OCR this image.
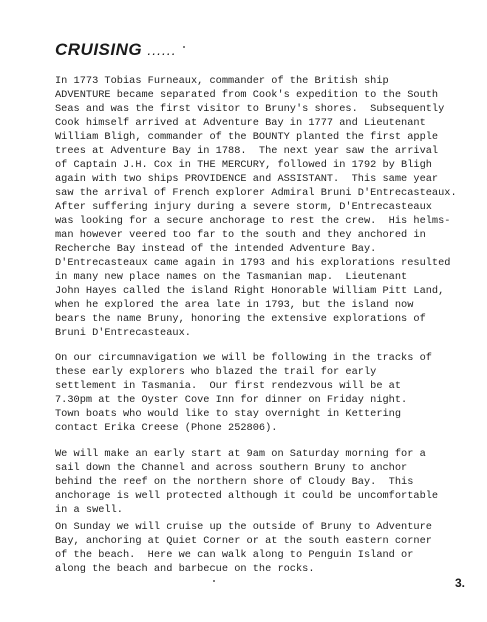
CRUISING ......
In 1773 Tobias Furneaux, commander of the British ship
ADVENTURE became separated from Cook's expedition to the South
Seas and was the first visitor to Bruny's shores.  Subsequently
Cook himself arrived at Adventure Bay in 1777 and Lieutenant
William Bligh, commander of the BOUNTY planted the first apple
trees at Adventure Bay in 1788.  The next year saw the arrival
of Captain J.H. Cox in THE MERCURY, followed in 1792 by Bligh
again with two ships PROVIDENCE and ASSISTANT.  This same year
saw the arrival of French explorer Admiral Bruni D'Entrecasteaux.
After suffering injury during a severe storm, D'Entrecasteaux
was looking for a secure anchorage to rest the crew.  His helms-
man however veered too far to the south and they anchored in
Recherche Bay instead of the intended Adventure Bay.
D'Entrecasteaux came again in 1793 and his explorations resulted
in many new place names on the Tasmanian map.  Lieutenant
John Hayes called the island Right Honorable William Pitt Land,
when he explored the area late in 1793, but the island now
bears the name Bruny, honoring the extensive explorations of
Bruni D'Entrecasteaux.
On our circumnavigation we will be following in the tracks of
these early explorers who blazed the trail for early
settlement in Tasmania.  Our first rendezvous will be at
7.30pm at the Oyster Cove Inn for dinner on Friday night.
Town boats who would like to stay overnight in Kettering
contact Erika Creese (Phone 252806).
We will make an early start at 9am on Saturday morning for a
sail down the Channel and across southern Bruny to anchor
behind the reef on the northern shore of Cloudy Bay.  This
anchorage is well protected although it could be uncomfortable
in a swell.
On Sunday we will cruise up the outside of Bruny to Adventure
Bay, anchoring at Quiet Corner or at the south eastern corner
of the beach.  Here we can walk along to Penguin Island or
along the beach and barbecue on the rocks.
3.
